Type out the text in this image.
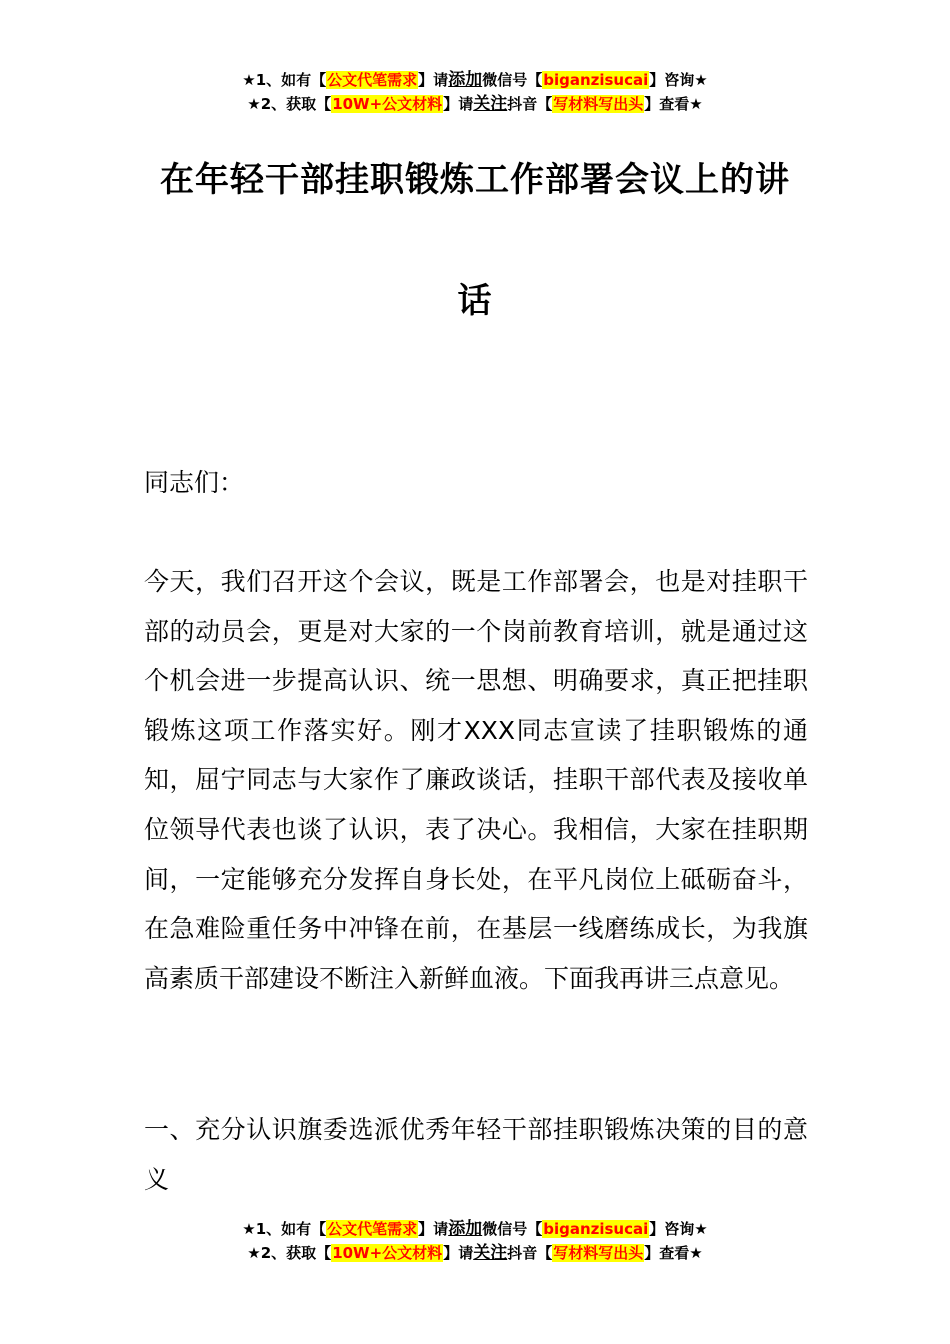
★1、如有【公文代笔需求】请添加微信号【biganzisucai】咨询★
★2、获取【10W+公文材料】请关注抖音【写材料写出头】查看★
在年轻干部挂职锻炼工作部署会议上的讲
话
同志们：
今天，我们召开这个会议，既是工作部署会，也是对挂职干部的动员会，更是对大家的一个岗前教育培训，就是通过这个机会进一步提高认识、统一思想、明确要求，真正把挂职锻炼这项工作落实好。刚才XXX同志宣读了挂职锻炼的通知，屈宁同志与大家作了廉政谈话，挂职干部代表及接收单位领导代表也谈了认识，表了决心。我相信，大家在挂职期间，一定能够充分发挥自身长处，在平凡岗位上砥砺奋斗，在急难险重任务中冲锋在前，在基层一线磨练成长，为我旗高素质干部建设不断注入新鲜血液。下面我再讲三点意见。
一、充分认识旗委选派优秀年轻干部挂职锻炼决策的目的意义
★1、如有【公文代笔需求】请添加微信号【biganzisucai】咨询★
★2、获取【10W+公文材料】请关注抖音【写材料写出头】查看★
